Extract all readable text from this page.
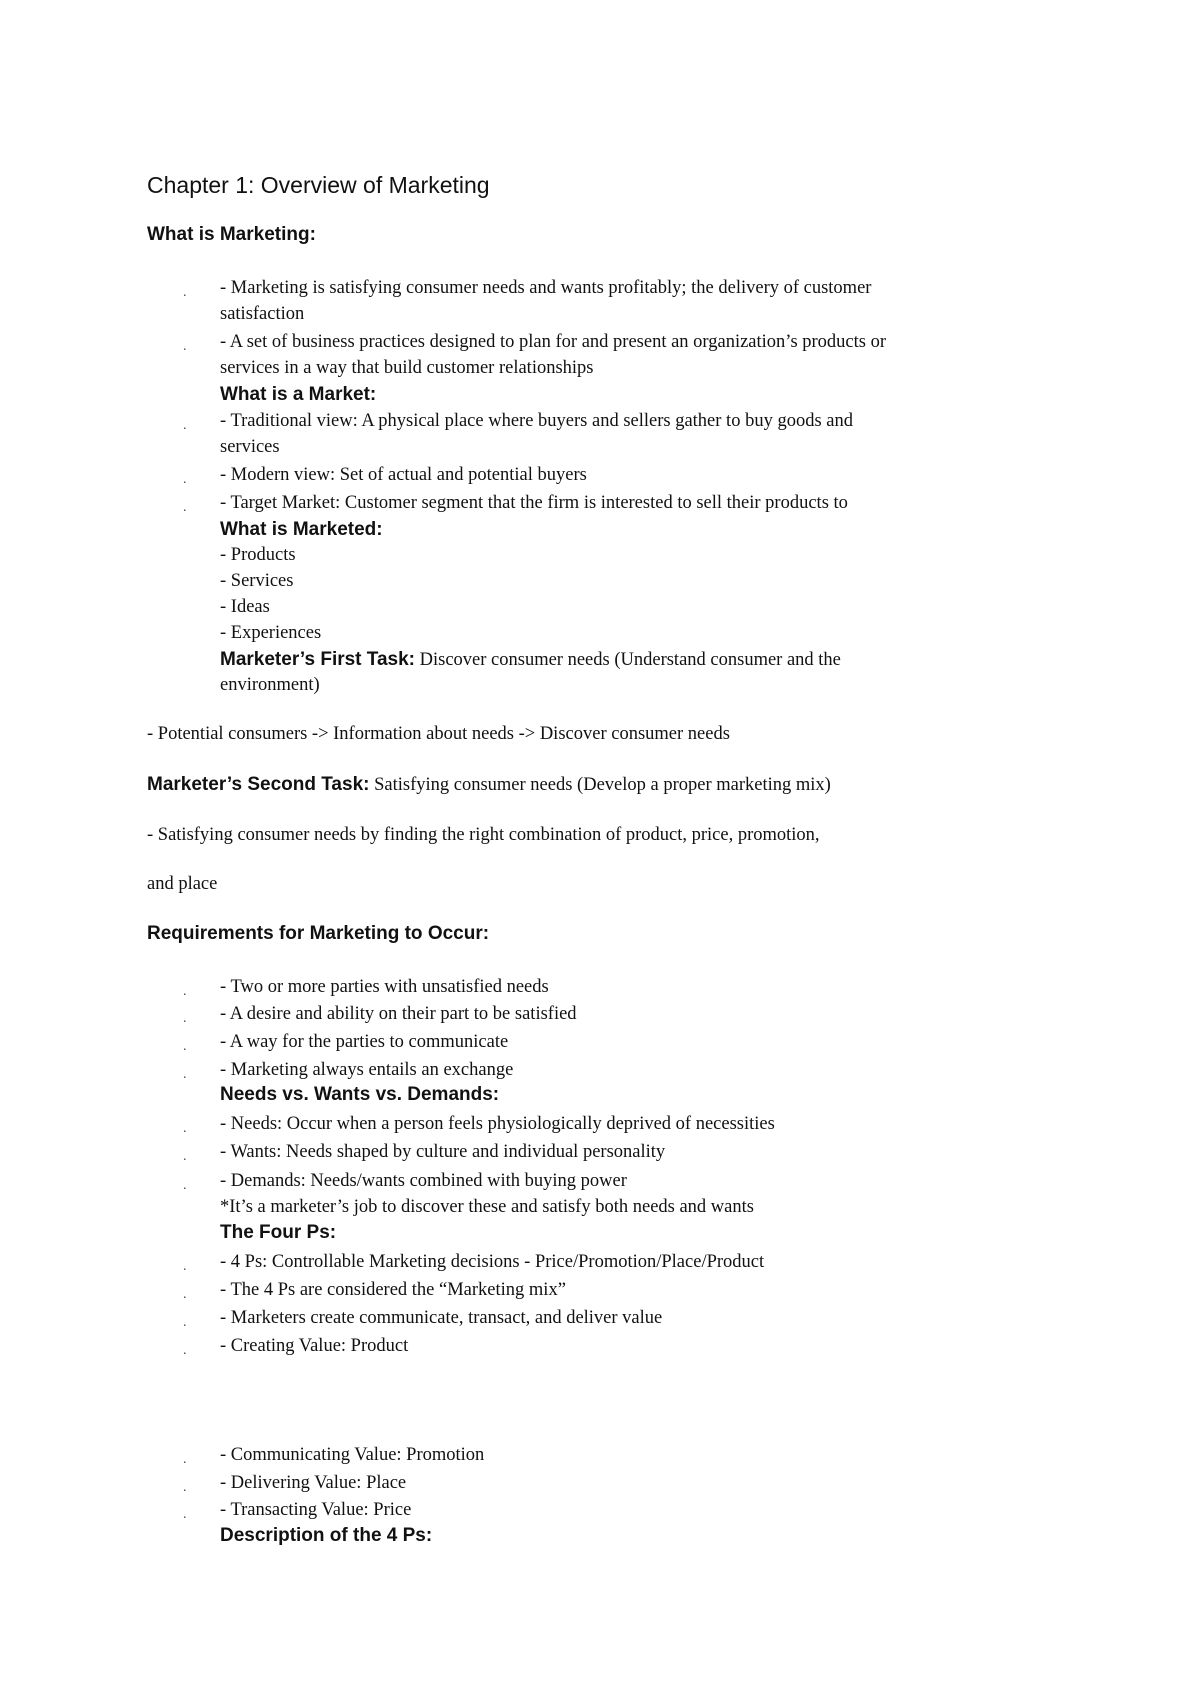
Chapter 1: Overview of Marketing
What is Marketing:
. - Marketing is satisfying consumer needs and wants profitably; the delivery of customer
satisfaction
. - A set of business practices designed to plan for and present an organization’s products or
services in a way that build customer relationships
What is a Market:
. - Traditional view: A physical place where buyers and sellers gather to buy goods and
services
. - Modern view: Set of actual and potential buyers
. - Target Market: Customer segment that the firm is interested to sell their products to
What is Marketed:
- Products
- Services
- Ideas
- Experiences
Marketer’s First Task: Discover consumer needs (Understand consumer and the
environment)
- Potential consumers -> Information about needs -> Discover consumer needs
Marketer’s Second Task: Satisfying consumer needs (Develop a proper marketing mix)
- Satisfying consumer needs by finding the right combination of product, price, promotion,
and place
Requirements for Marketing to Occur:
. - Two or more parties with unsatisfied needs
. - A desire and ability on their part to be satisfied
. - A way for the parties to communicate
. - Marketing always entails an exchange
Needs vs. Wants vs. Demands:
. - Needs: Occur when a person feels physiologically deprived of necessities
. - Wants: Needs shaped by culture and individual personality
. - Demands: Needs/wants combined with buying power
*It’s a marketer’s job to discover these and satisfy both needs and wants
The Four Ps:
. - 4 Ps: Controllable Marketing decisions - Price/Promotion/Place/Product
. - The 4 Ps are considered the “Marketing mix”
. - Marketers create communicate, transact, and deliver value
. - Creating Value: Product
. - Communicating Value: Promotion
. - Delivering Value: Place
. - Transacting Value: Price
Description of the 4 Ps:
